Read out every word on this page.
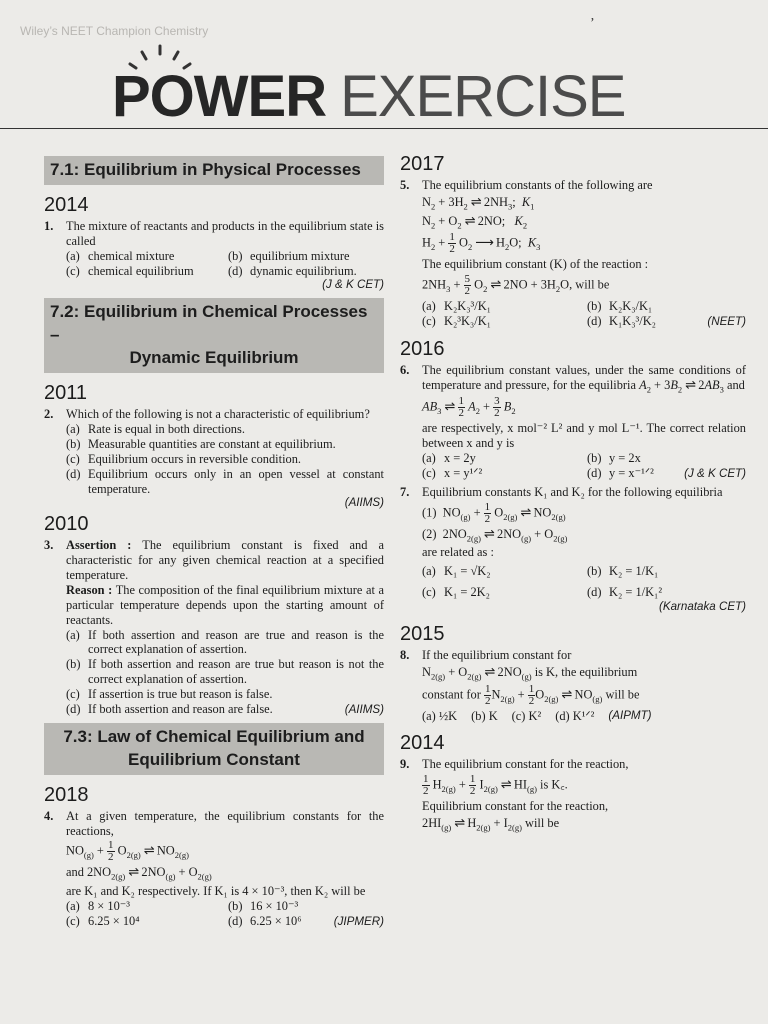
Wiley’s NEET Champion Chemistry	ʼ
POWER EXERCISE
7.1: Equilibrium in Physical Processes
2014
1.	The mixture of reactants and products in the equilibrium state is called
(a) chemical mixture	(b) equilibrium mixture
(c) chemical equilibrium	(d) dynamic equilibrium.
(J & K CET)
7.2: Equilibrium in Chemical Processes –
Dynamic Equilibrium
2011
2.	Which of the following is not a characteristic of equilibrium?
(a) Rate is equal in both directions.
(b) Measurable quantities are constant at equilibrium.
(c) Equilibrium occurs in reversible condition.
(d) Equilibrium occurs only in an open vessel at constant temperature.
(AIIMS)
2010
3.	Assertion : The equilibrium constant is fixed and a characteristic for any given chemical reaction at a specified temperature.
Reason : The composition of the final equilibrium mixture at a particular temperature depends upon the starting amount of reactants.
(a) If both assertion and reason are true and reason is the correct explanation of assertion.
(b) If both assertion and reason are true but reason is not the correct explanation of assertion.
(c) If assertion is true but reason is false.
(d) If both assertion and reason are false.	(AIIMS)
7.3: Law of Chemical Equilibrium and
Equilibrium Constant
2018
4.	At a given temperature, the equilibrium constants for the reactions,
$NO_{(g)} + \frac{1}{2} O_{2(g)}$ ⇌ $NO_{2(g)}$
and $2NO_{2(g)}$ ⇌ $2NO_{(g)} + O_{2(g)}$
are K₁ and K₂ respectively. If K₁ is 4 × 10⁻³, then K₂ will be
(a) 8 × 10⁻³	(b) 16 × 10⁻³
(c) 6.25 × 10⁴	(d) 6.25 × 10⁶	(JIPMER)
2017
5.	The equilibrium constants of the following are
$N_2 + 3H_2$ ⇌ $2NH_3$;  $K_1$
$N_2 + O_2$ ⇌ 2NO;   $K_2$
$H_2 + \frac{1}{2} O_2$ ⟶ $H_2O$;  $K_3$
The equilibrium constant (K) of the reaction :
$2NH_3 + \frac{5}{2} O_2$ ⇌ $2NO + 3H_2O$, will be
(a) K₂K₃³/K₁	(b) K₂K₃/K₁
(c) K₂³K₃/K₁	(d) K₁K₃³/K₂	(NEET)
2016
6.	The equilibrium constant values, under the same conditions of temperature and pressure, for the equilibria $A_2 + 3B_2$ ⇌ $2AB_3$ and
$AB_3$ ⇌ $\frac{1}{2} A_2 + \frac{3}{2} B_2$
are respectively, x mol⁻² L² and y mol L⁻¹. The correct relation between x and y is
(a) x = 2y	(b) y = 2x
(c) x = y¹ᐟ²	(d) y = x⁻¹ᐟ²	(J & K CET)
7.	Equilibrium constants K₁ and K₂ for the following equilibria
(1)  $NO_{(g)} + \frac{1}{2} O_{2(g)}$ ⇌ $NO_{2(g)}$
(2)  $2NO_{2(g)}$ ⇌ $2NO_{(g)} + O_{2(g)}$
are related as :
(a) K₁ = √K₂	(b) K₂ = 1/K₁
(c) K₁ = 2K₂	(d) K₂ = 1/K₁²
(Karnataka CET)
2015
8.	If the equilibrium constant for
$N_{2(g)} + O_{2(g)}$ ⇌ $2NO_{(g)}$ is K, the equilibrium
constant for $\frac{1}{2} N_{2(g)} + \frac{1}{2} O_{2(g)}$ ⇌ $NO_{(g)}$ will be
(a) ½K (b) K (c) K² (d) K¹ᐟ² (AIPMT)
2014
9.	The equilibrium constant for the reaction,
$\frac{1}{2} H_{2(g)} + \frac{1}{2} I_{2(g)}$ ⇌ $HI_{(g)}$ is K꜀.
Equilibrium constant for the reaction,
$2HI_{(g)}$ ⇌ $H_{2(g)} + I_{2(g)}$ will be
